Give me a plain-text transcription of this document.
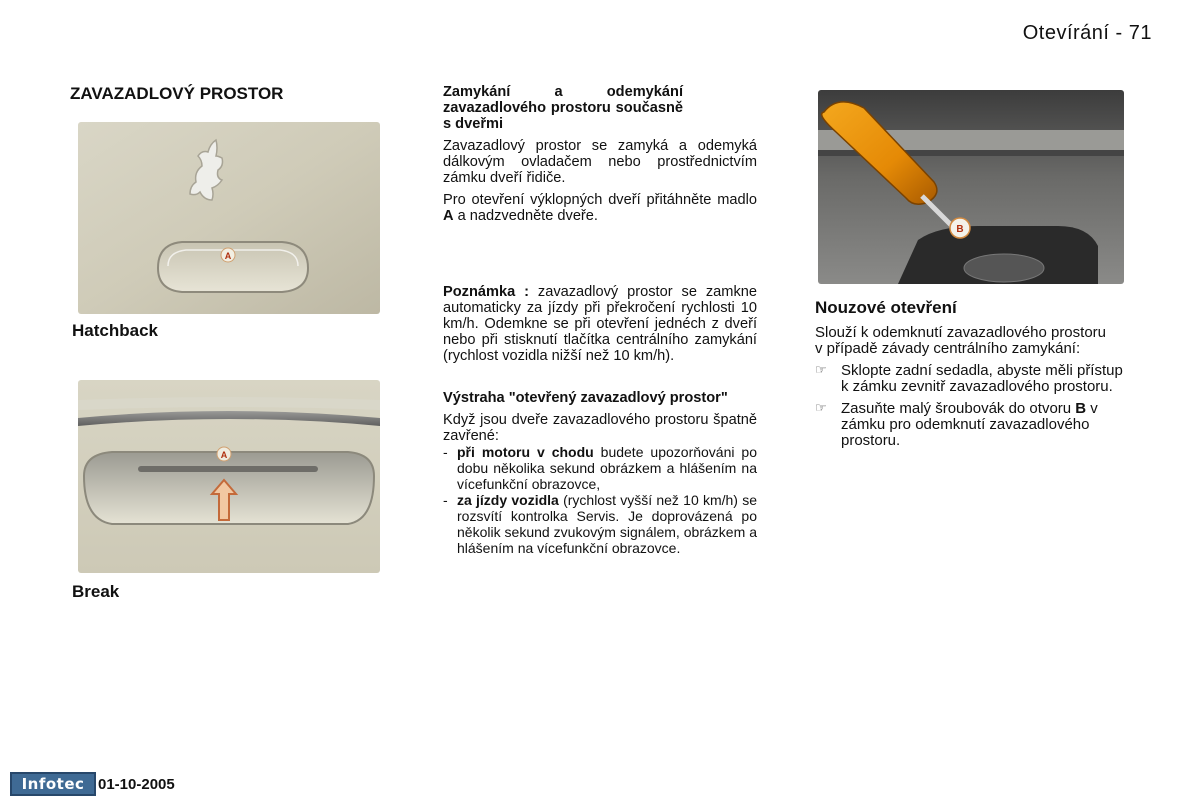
Otevírání - 71
ZAVAZADLOVÝ PROSTOR
A
Hatchback
A
Break

Zamykání a odemykání zavazadlového prostoru současně s dveřmi

Zavazadlový prostor se zamyká a odemyká dálkovým ovladačem nebo prostřednictvím zámku dveří řidiče.

Pro otevření výklopných dveří přitáhněte madlo A a nadzvedněte dveře.

Poznámka : zavazadlový prostor se zamkne automaticky za jízdy při překročení rychlosti 10 km/h. Odemkne se při otevření jednéch z dveří nebo při stisknutí tlačítka centrálního zamykání (rychlost vozidla nižší než 10 km/h).

Výstraha "otevřený zavazadlový prostor"

Když jsou dveře zavazadlového prostoru špatně zavřené:

- při motoru v chodu budete upozorňováni po dobu několika sekund obrázkem a hlášením na vícefunkční obrazovce,
- za jízdy vozidla (rychlost vyšší než 10 km/h) se rozsvítí kontrolka Servis. Je doprovázená po několik sekund zvukovým signálem, obrázkem a hlášením na vícefunkční obrazovce.
B
Nouzové otevření

Slouží k odemknutí zavazadlového prostoru v případě závady centrálního zamykání:

☞ Sklopte zadní sedadla, abyste měli přístup k zámku zevnitř zavazadlového prostoru.
☞ Zasuňte malý šroubovák do otvoru B v zámku pro odemknutí zavazadlového prostoru.
Infotec 01-10-2005
